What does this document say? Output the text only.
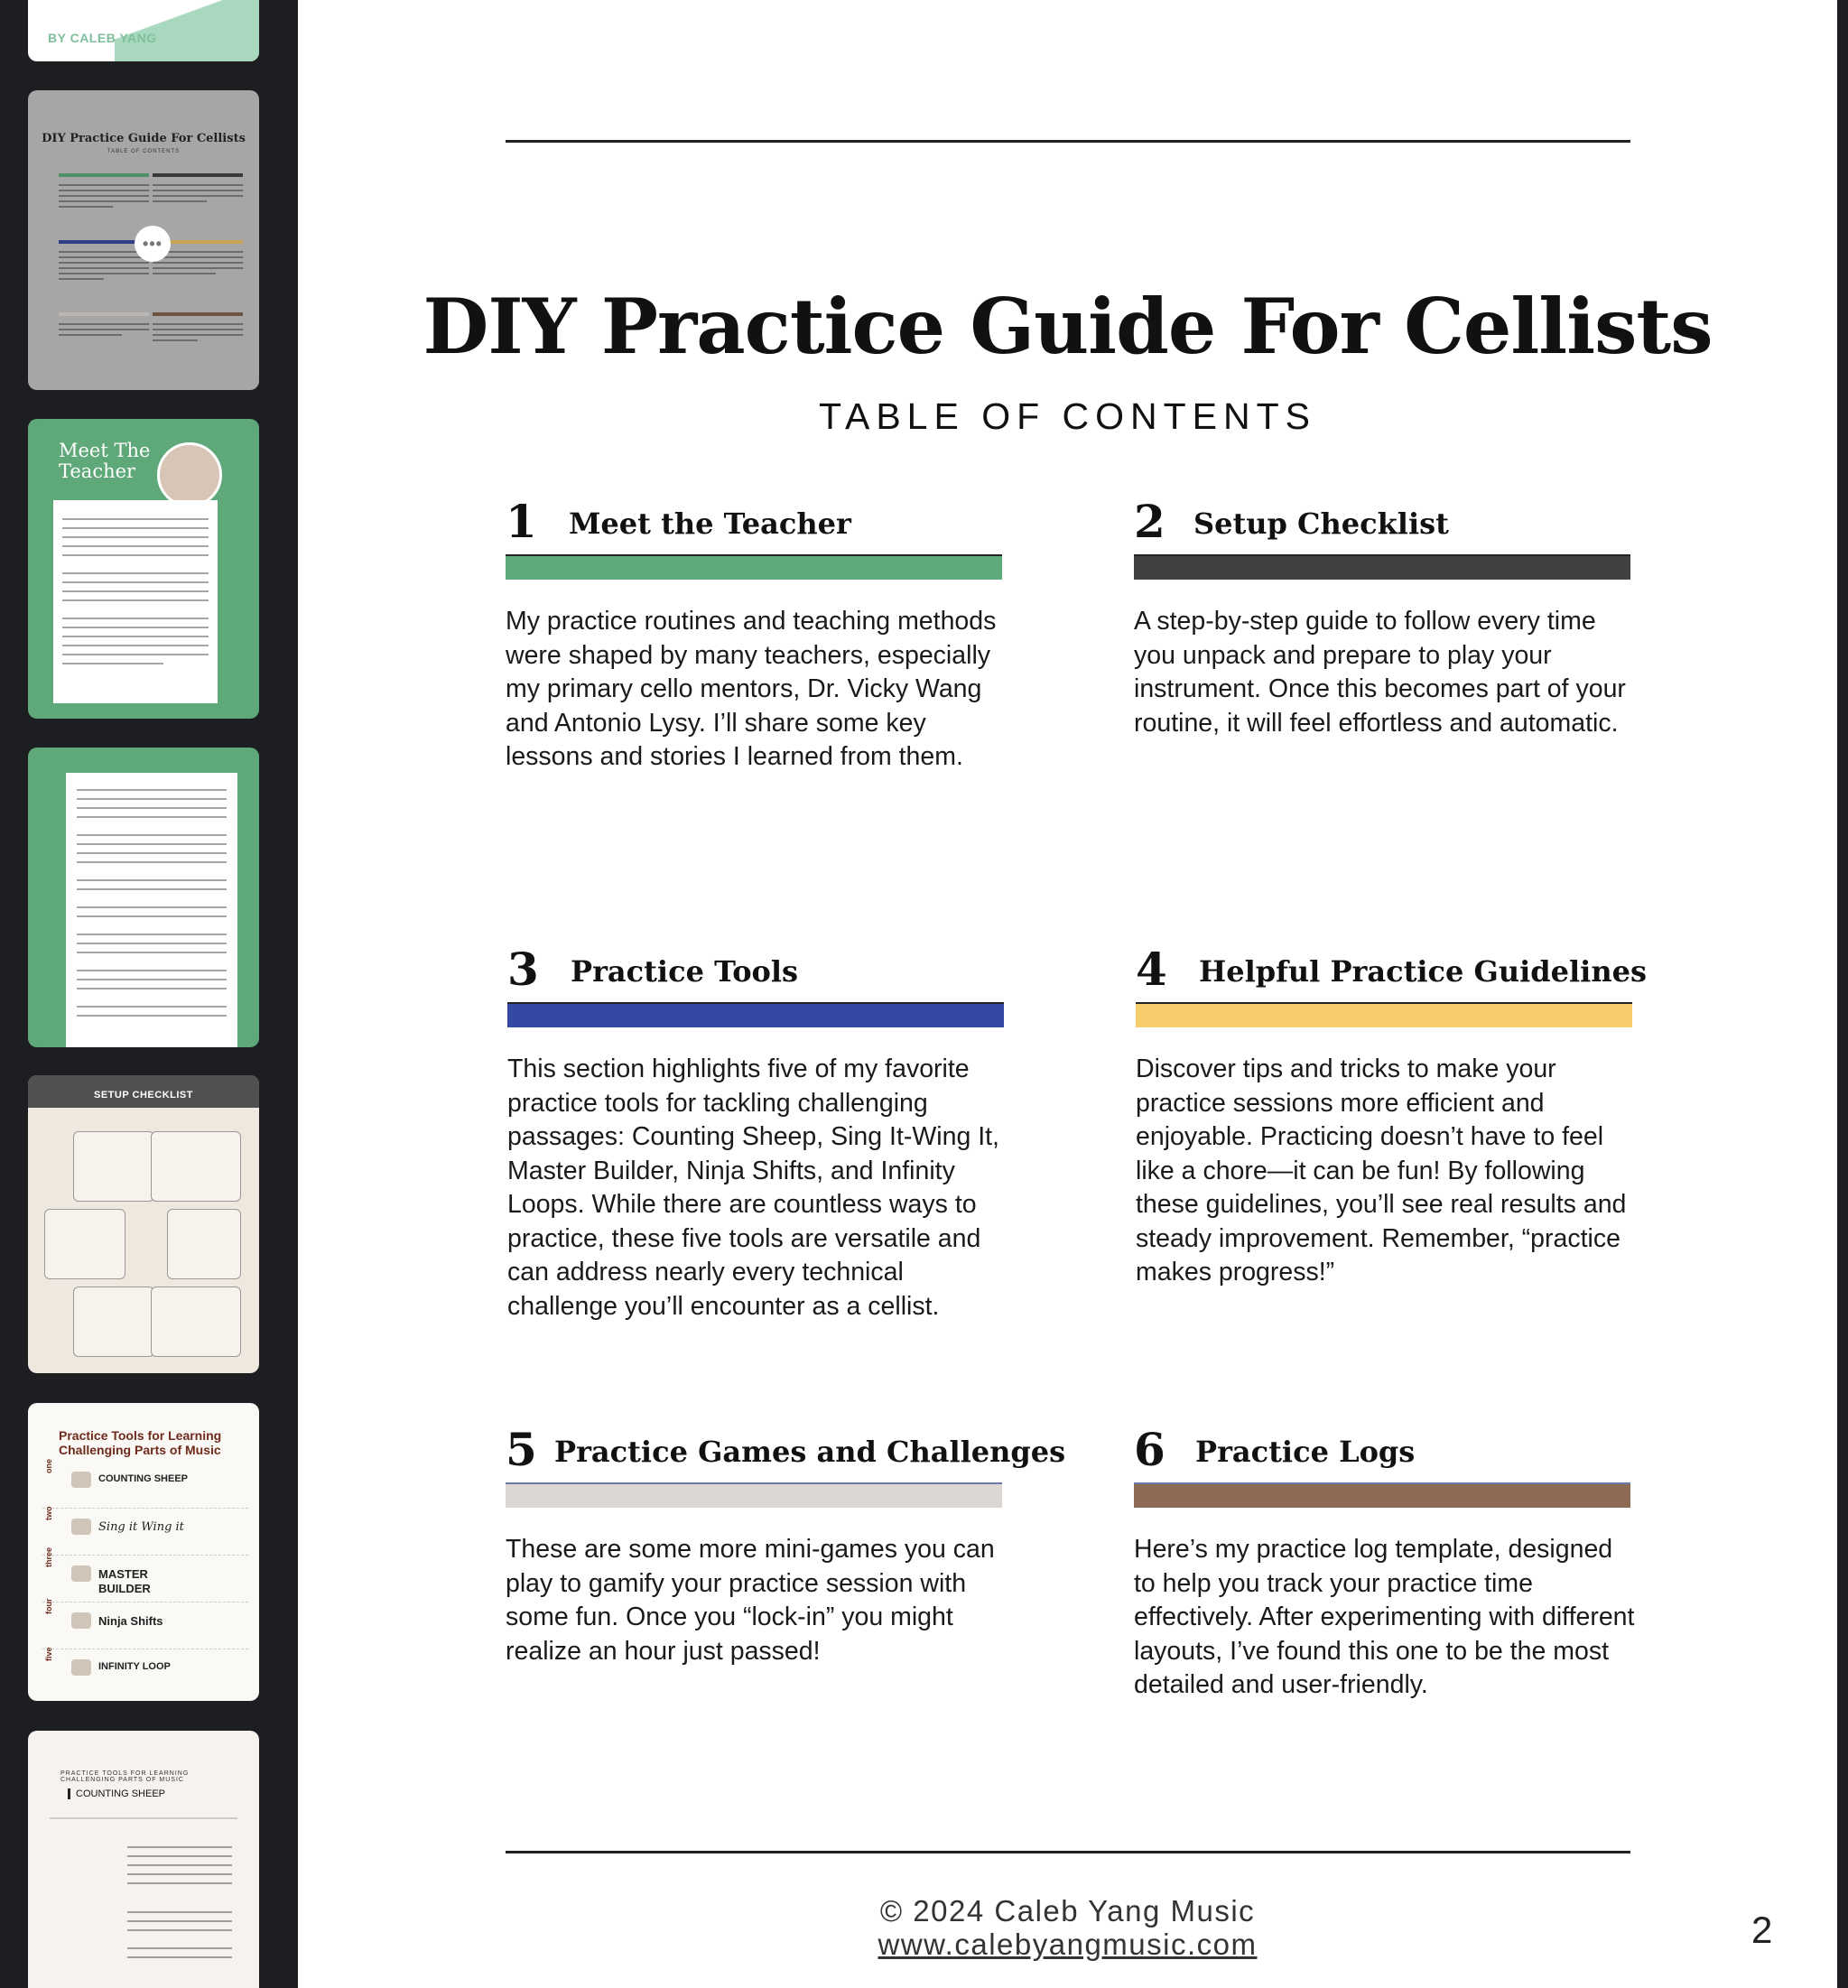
BY CALEB YANG
DIY Practice Guide For Cellists
TABLE OF CONTENTS
•••
Meet The Teacher
SETUP CHECKLIST
Practice Tools for Learning Challenging Parts of Music
one
COUNTING SHEEP
two
Sing it Wing it
three
MASTER BUILDER
four
Ninja Shifts
five
INFINITY LOOP
PRACTICE TOOLS FOR LEARNING CHALLENGING PARTS OF MUSIC
COUNTING SHEEP
DIY Practice Guide For Cellists
TABLE OF CONTENTS
1 Meet the Teacher
My practice routines and teaching methods were shaped by many teachers, especially my primary cello mentors, Dr. Vicky Wang and Antonio Lysy. I’ll share some key lessons and stories I learned from them.
2 Setup Checklist
A step-by-step guide to follow every time you unpack and prepare to play your instrument. Once this becomes part of your routine, it will feel effortless and automatic.
3 Practice Tools
This section highlights five of my favorite practice tools for tackling challenging passages: Counting Sheep, Sing It-Wing It, Master Builder, Ninja Shifts, and Infinity Loops. While there are countless ways to practice, these five tools are versatile and can address nearly every technical challenge you’ll encounter as a cellist.
4 Helpful Practice Guidelines
Discover tips and tricks to make your practice sessions more efficient and enjoyable. Practicing doesn’t have to feel like a chore—it can be fun! By following these guidelines, you’ll see real results and steady improvement. Remember, “practice makes progress!”
5 Practice Games and Challenges
These are some more mini-games you can play to gamify your practice session with some fun. Once you “lock-in” you might realize an hour just passed!
6 Practice Logs
Here’s my practice log template, designed to help you track your practice time effectively. After experimenting with different layouts, I’ve found this one to be the most detailed and user-friendly.
© 2024 Caleb Yang Music
www.calebyangmusic.com	2
